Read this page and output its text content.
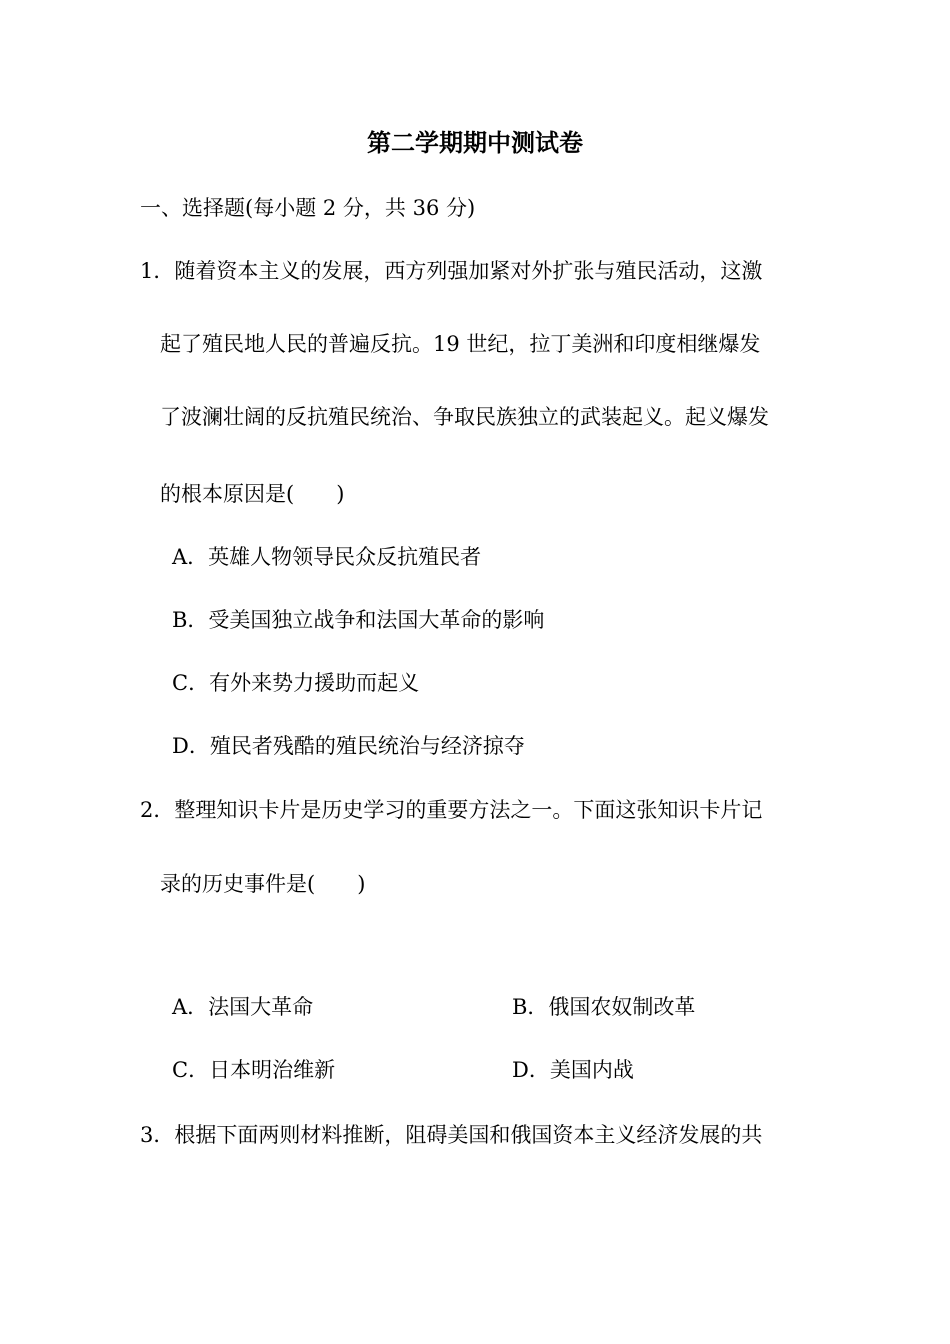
第二学期期中测试卷
一、选择题(每小题 2 分，共 36 分)
1．随着资本主义的发展，西方列强加紧对外扩张与殖民活动，这激
起了殖民地人民的普遍反抗。19 世纪，拉丁美洲和印度相继爆发
了波澜壮阔的反抗殖民统治、争取民族独立的武装起义。起义爆发
的根本原因是(　　)
A．英雄人物领导民众反抗殖民者
B．受美国独立战争和法国大革命的影响
C．有外来势力援助而起义
D．殖民者残酷的殖民统治与经济掠夺
2．整理知识卡片是历史学习的重要方法之一。下面这张知识卡片记
录的历史事件是(　　)
A．法国大革命	B．俄国农奴制改革
C．日本明治维新	D．美国内战
3．根据下面两则材料推断，阻碍美国和俄国资本主义经济发展的共
